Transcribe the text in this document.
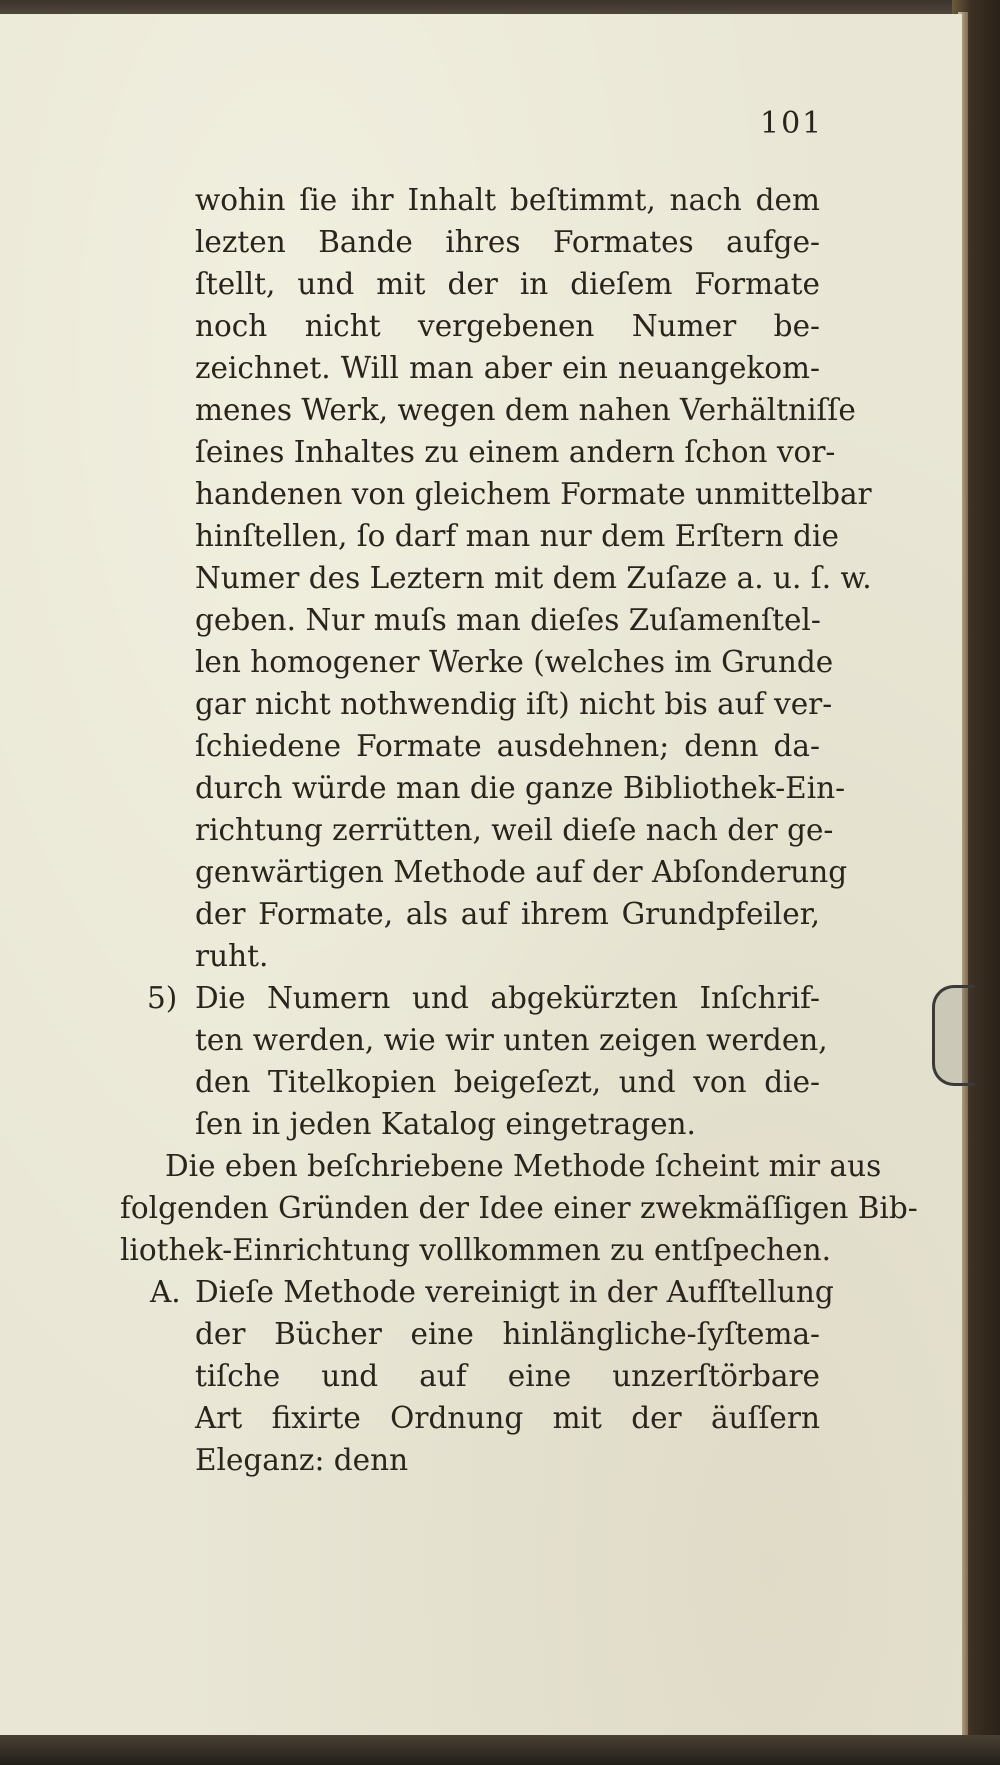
101
wohin ſie ihr Inhalt beſtimmt, nach dem
lezten Bande ihres Formates aufge-
ſtellt, und mit der in dieſem Formate
noch nicht vergebenen Numer be-
zeichnet. Will man aber ein neuangekom-
menes Werk, wegen dem nahen Verhältniſſe
ſeines Inhaltes zu einem andern ſchon vor-
handenen von gleichem Formate unmittelbar
hinſtellen, ſo darf man nur dem Erſtern die
Numer des Leztern mit dem Zuſaze a. u. ſ. w.
geben. Nur muſs man dieſes Zuſamenſtel-
len homogener Werke (welches im Grunde
gar nicht nothwendig iſt) nicht bis auf ver-
ſchiedene Formate ausdehnen; denn da-
durch würde man die ganze Bibliothek-Ein-
richtung zerrütten, weil dieſe nach der ge-
genwärtigen Methode auf der Abſonderung
der Formate, als auf ihrem Grundpfeiler,
ruht.
5) Die Numern und abgekürzten Inſchrif-
ten werden, wie wir unten zeigen werden,
den Titelkopien beigeſezt, und von die-
ſen in jeden Katalog eingetragen.
Die eben beſchriebene Methode ſcheint mir aus
folgenden Gründen der Idee einer zwekmäſſigen Bib-
liothek-Einrichtung vollkommen zu entſpechen.
A. Dieſe Methode vereinigt in der Aufſtellung
der Bücher eine hinlängliche-ſyſtema-
tiſche und auf eine unzerſtörbare
Art fixirte Ordnung mit der äuſſern
Eleganz: denn
